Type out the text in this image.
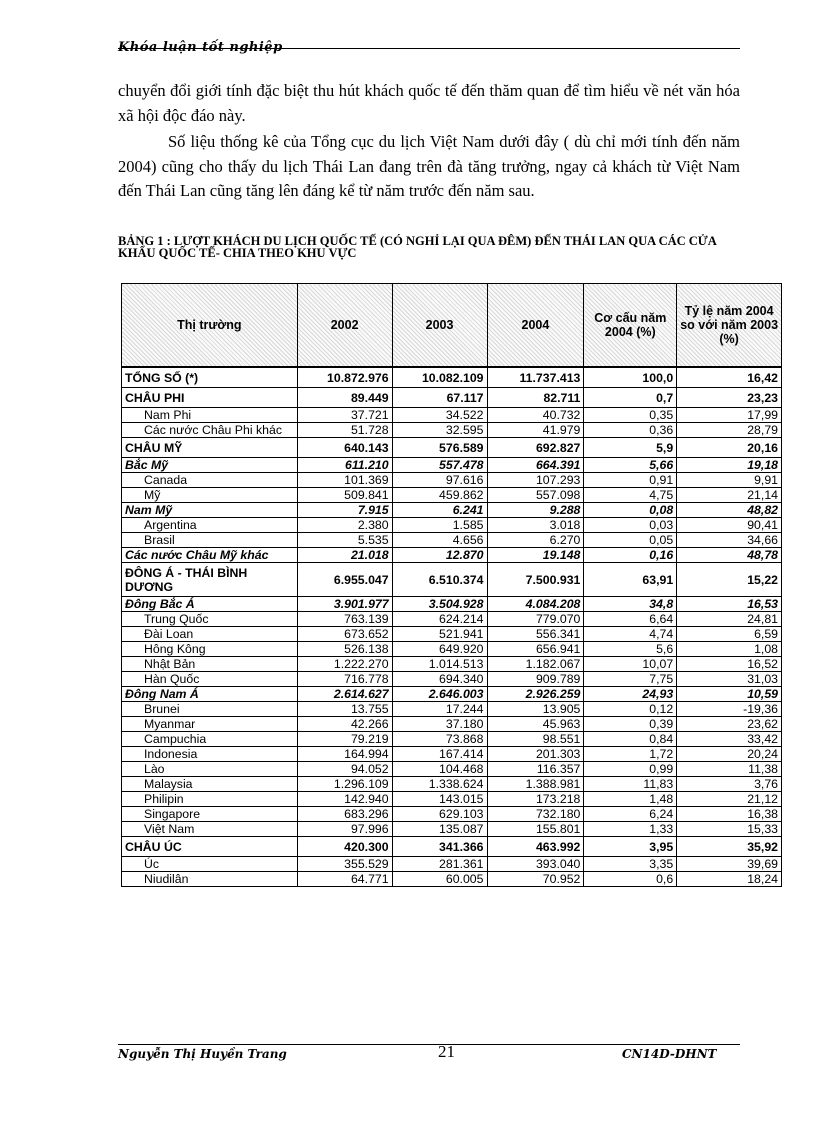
Khóa luận tốt nghiệp
chuyển đổi giới tính đặc biệt thu hút khách quốc tế đến thăm quan để tìm hiểu về nét văn hóa xã hội độc đáo này.
Số liệu thống kê của Tổng cục du lịch Việt Nam dưới đây ( dù chỉ mới tính đến năm 2004) cũng cho thấy du lịch Thái Lan đang trên đà tăng trưởng, ngay cả khách từ Việt Nam đến Thái Lan cũng tăng lên đáng kể từ năm trước đến năm sau.
BẢNG 1 : LƯỢT KHÁCH DU LỊCH QUỐC TẾ (CÓ NGHỈ LẠI QUA ĐÊM) ĐẾN THÁI LAN QUA CÁC CỬA KHẨU QUỐC TẾ- CHIA THEO KHU VỰC
Thị trường	2002	2003	2004	Cơ cấu năm 2004 (%)	Tỷ lệ năm 2004 so với năm 2003 (%)
TỔNG SỐ (*)	10.872.976	10.082.109	11.737.413	100,0	16,42
CHÂU PHI	89.449	67.117	82.711	0,7	23,23
Nam Phi	37.721	34.522	40.732	0,35	17,99
Các nước Châu Phi khác	51.728	32.595	41.979	0,36	28,79
CHÂU MỸ	640.143	576.589	692.827	5,9	20,16
Bắc Mỹ	611.210	557.478	664.391	5,66	19,18
Canada	101.369	97.616	107.293	0,91	9,91
Mỹ	509.841	459.862	557.098	4,75	21,14
Nam Mỹ	7.915	6.241	9.288	0,08	48,82
Argentina	2.380	1.585	3.018	0,03	90,41
Brasil	5.535	4.656	6.270	0,05	34,66
Các nước Châu Mỹ khác	21.018	12.870	19.148	0,16	48,78
ĐÔNG Á - THÁI BÌNH DƯƠNG	6.955.047	6.510.374	7.500.931	63,91	15,22
Đông Bắc Á	3.901.977	3.504.928	4.084.208	34,8	16,53
Trung Quốc	763.139	624.214	779.070	6,64	24,81
Đài Loan	673.652	521.941	556.341	4,74	6,59
Hông Kông	526.138	649.920	656.941	5,6	1,08
Nhật Bản	1.222.270	1.014.513	1.182.067	10,07	16,52
Hàn Quốc	716.778	694.340	909.789	7,75	31,03
Đông Nam Á	2.614.627	2.646.003	2.926.259	24,93	10,59
Brunei	13.755	17.244	13.905	0,12	-19,36
Myanmar	42.266	37.180	45.963	0,39	23,62
Campuchia	79.219	73.868	98.551	0,84	33,42
Indonesia	164.994	167.414	201.303	1,72	20,24
Lào	94.052	104.468	116.357	0,99	11,38
Malaysia	1.296.109	1.338.624	1.388.981	11,83	3,76
Philipin	142.940	143.015	173.218	1,48	21,12
Singapore	683.296	629.103	732.180	6,24	16,38
Việt Nam	97.996	135.087	155.801	1,33	15,33
CHÂU ÚC	420.300	341.366	463.992	3,95	35,92
Úc	355.529	281.361	393.040	3,35	39,69
Niudilân	64.771	60.005	70.952	0,6	18,24
Nguyễn Thị Huyền Trang	21	CN14D-DHNT
